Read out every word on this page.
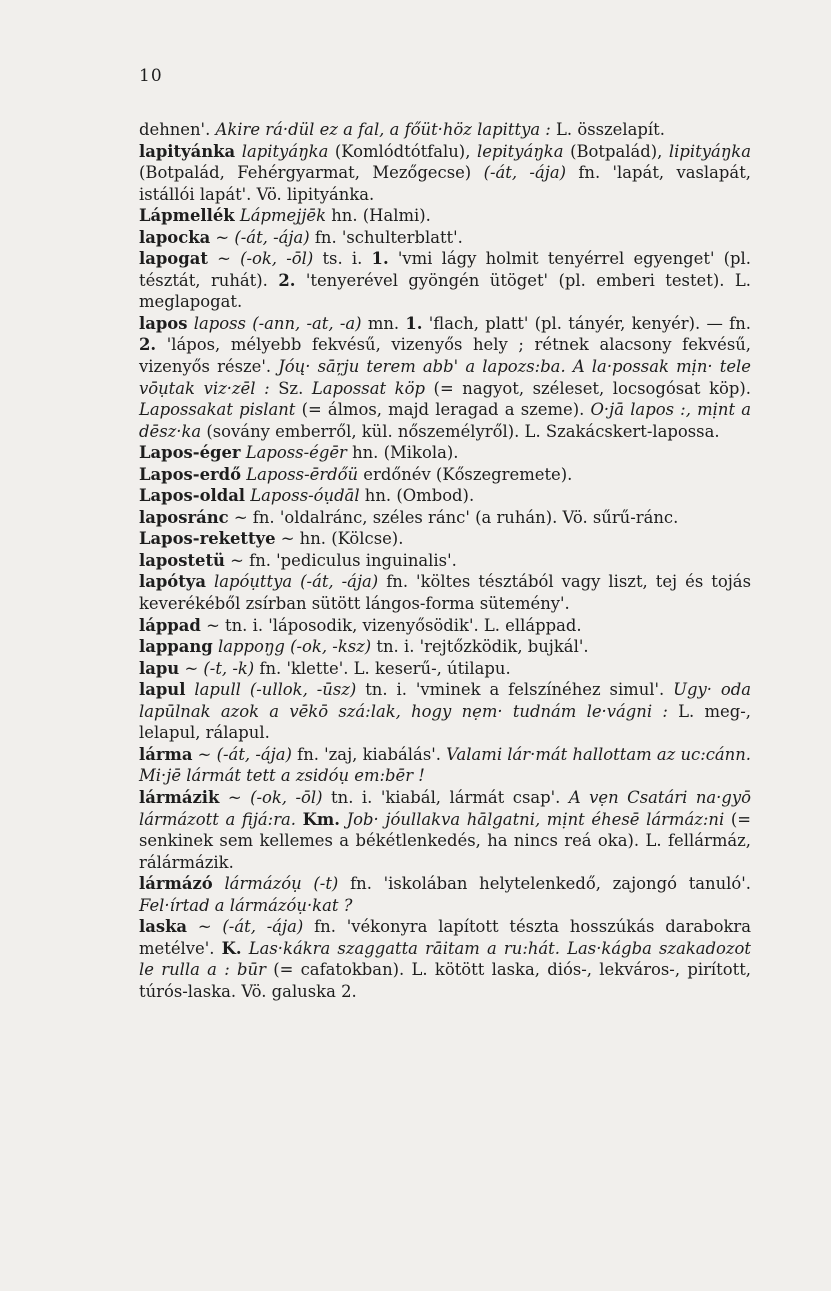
10

dehnen'. Akire rá·dül ez a fal, a főüt·höz lapittya : L. összelapít.

lapityánka lapityáŋka (Komlódtótfalu), lepityáŋka (Botpalád), lipityáŋka (Botpalád, Fehérgyarmat, Mezőgecse) (-át, -ája) fn. 'lapát, vaslapát, istállói lapát'. Vö. lipityánka.

Lápmellék Lápmejjēk hn. (Halmi).

lapocka ~ (-át, -ája) fn. 'schulterblatt'.

lapogat ~ (-ok, -ōl) ts. i. 1. 'vmi lágy holmit tenyérrel egyenget' (pl. tésztát, ruhát). 2. 'tenyerével gyöngén ütöget' (pl. emberi testet). L. meglapogat.

lapos laposs (-ann, -at, -a) mn. 1. 'flach, platt' (pl. tányér, kenyér). — fn. 2. 'lápos, mélyebb fekvésű, vizenyős hely ; rétnek alacsony fekvésű, vizenyős része'. Jóų· sāŗju terem abb' a lapozs:ba. A la·possak mịn· tele vōụtak viz·zēl : Sz. Lapossat köp (= nagyot, széleset, locsogósat köp). Lapossakat pislant (= álmos, majd leragad a szeme). O·jā lapos :, mịnt a dēsz·ka (sovány emberről, kül. nőszemélyről). L. Szakácskert-lapossa.

Lapos-éger Laposs-égēr hn. (Mikola).

Lapos-erdő Laposs-ērdőü erdőnév (Kőszegremete).

Lapos-oldal Laposs-óụdāl hn. (Ombod).

laposránc ~ fn. 'oldalránc, széles ránc' (a ruhán). Vö. sűrű-ránc.

Lapos-rekettye ~ hn. (Kölcse).

lapostetü ~ fn. 'pediculus inguinalis'.

lapótya lapóụttya (-át, -ája) fn. 'költes tésztából vagy liszt, tej és tojás keverékéből zsírban sütött lángos-forma sütemény'.

láppad ~ tn. i. 'láposodik, vizenyősödik'. L. elláppad.

lappang lappoŋg (-ok, -ksz) tn. i. 'rejtőzködik, bujkál'.

lapu ~ (-t, -k) fn. 'klette'. L. keserű-, útilapu.

lapul lapull (-ullok, -ūsz) tn. i. 'vminek a felszínéhez simul'. Ugy· oda lapūlnak azok a vēkō szá:lak, hogy nẹm· tudnám le·vágni : L. meg-, lelapul, rálapul.

lárma ~ (-át, -ája) fn. 'zaj, kiabálás'. Valami lár·mát hallottam az uc:cánn. Mi·jē lármát tett a zsidóụ em:bēr !

lármázik ~ (-ok, -ōl) tn. i. 'kiabál, lármát csap'. A vẹn Csatári na·gyō lármázott a fijá:ra. Km. Job· jóullakva hālgatni, mịnt éhesē lármáz:ni (= senkinek sem kellemes a békétlenkedés, ha nincs reá oka). L. fellármáz, rálármázik.

lármázó lármázóụ (-t) fn. 'iskolában helytelenkedő, zajongó tanuló'. Fel·írtad a lármázóụ·kat ?

laska ~ (-át, -ája) fn. 'vékonyra lapított tészta hosszúkás darabokra metélve'. K. Las·kákra szaggatta rāitam a ru:hát. Las·kágba szakadozot le rulla a : būr (= cafatokban). L. kötött laska, diós-, lekváros-, pirított, túrós-laska. Vö. galuska 2.
